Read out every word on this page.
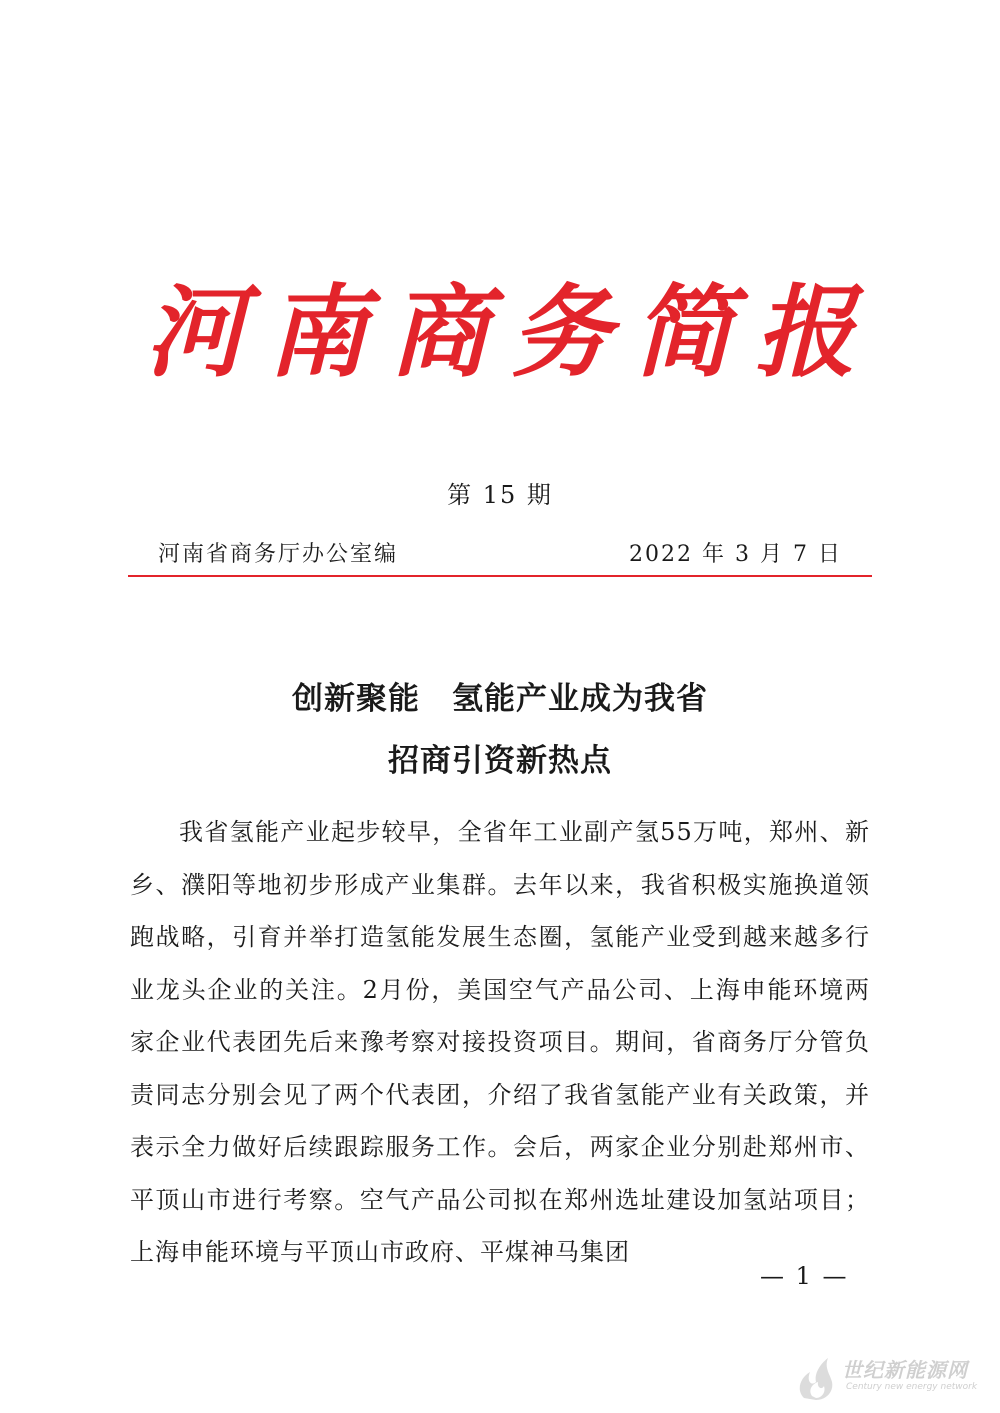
河南商务简报
第 15 期
河南省商务厅办公室编	2022 年 3 月 7 日
创新聚能　氢能产业成为我省
招商引资新热点

我省氢能产业起步较早，全省年工业副产氢55万吨，郑州、新乡、濮阳等地初步形成产业集群。去年以来，我省积极实施换道领跑战略，引育并举打造氢能发展生态圈，氢能产业受到越来越多行业龙头企业的关注。2月份，美国空气产品公司、上海申能环境两家企业代表团先后来豫考察对接投资项目。期间，省商务厅分管负责同志分别会见了两个代表团，介绍了我省氢能产业有关政策，并表示全力做好后续跟踪服务工作。会后，两家企业分别赴郑州市、平顶山市进行考察。空气产品公司拟在郑州选址建设加氢站项目；上海申能环境与平顶山市政府、平煤神马集团

— 1 —
世纪新能源网
Century new energy network
